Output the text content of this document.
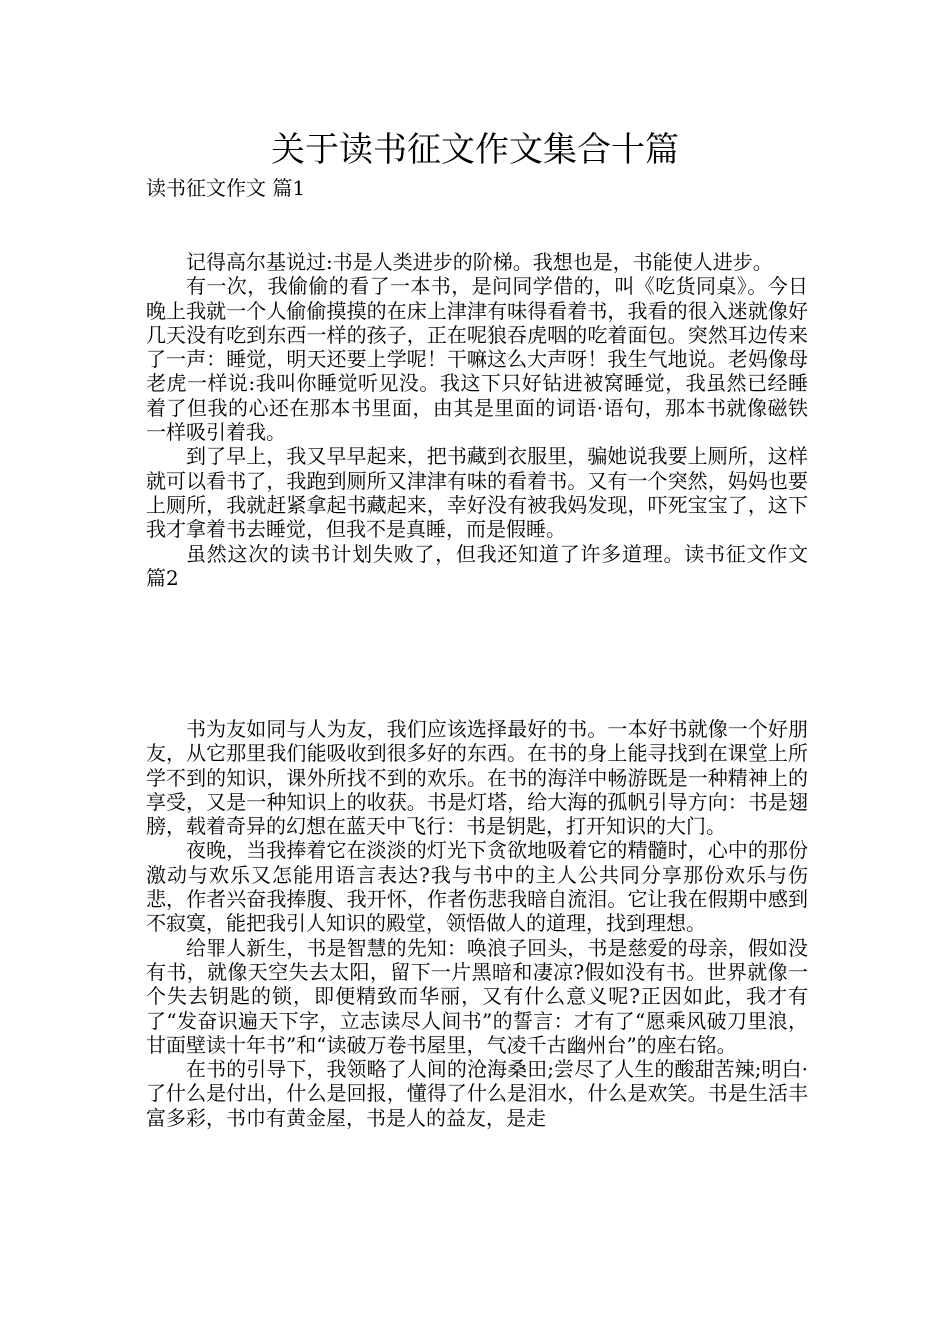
关于读书征文作文集合十篇

读书征文作文 篇1

记得高尔基说过:书是人类进步的阶梯。我想也是，书能使人进步。

有一次，我偷偷的看了一本书，是问同学借的，叫《吃货同桌》。今日晚上我就一个人偷偷摸摸的在床上津津有味得看着书，我看的很入迷就像好几天没有吃到东西一样的孩子，正在呢狼吞虎咽的吃着面包。突然耳边传来了一声：睡觉，明天还要上学呢！干嘛这么大声呀！我生气地说。老妈像母老虎一样说:我叫你睡觉听见没。我这下只好钻进被窝睡觉，我虽然已经睡着了但我的心还在那本书里面，由其是里面的词语·语句，那本书就像磁铁一样吸引着我。

到了早上，我又早早起来，把书藏到衣服里，骗她说我要上厕所，这样就可以看书了，我跑到厕所又津津有味的看着书。又有一个突然，妈妈也要上厕所，我就赶紧拿起书藏起来，幸好没有被我妈发现，吓死宝宝了，这下我才拿着书去睡觉，但我不是真睡，而是假睡。

虽然这次的读书计划失败了，但我还知道了许多道理。读书征文作文 篇2

书为友如同与人为友，我们应该选择最好的书。一本好书就像一个好朋友，从它那里我们能吸收到很多好的东西。在书的身上能寻找到在课堂上所学不到的知识，课外所找不到的欢乐。在书的海洋中畅游既是一种精神上的享受，又是一种知识上的收获。书是灯塔，给大海的孤帆引导方向：书是翅膀，载着奇异的幻想在蓝天中飞行：书是钥匙，打开知识的大门。

夜晚，当我捧着它在淡淡的灯光下贪欲地吸着它的精髓时，心中的那份激动与欢乐又怎能用语言表达?我与书中的主人公共同分享那份欢乐与伤悲，作者兴奋我捧腹、我开怀，作者伤悲我暗自流泪。它让我在假期中感到不寂寞，能把我引人知识的殿堂，领悟做人的道理，找到理想。

给罪人新生，书是智慧的先知：唤浪子回头，书是慈爱的母亲，假如没有书，就像天空失去太阳，留下一片黑暗和凄凉?假如没有书。世界就像一个失去钥匙的锁，即便精致而华丽，又有什么意义呢?正因如此，我才有了“发奋识遍天下字，立志读尽人间书”的誓言：才有了“愿乘风破刀里浪，甘面壁读十年书”和“读破万卷书屋里，气凌千古幽州台”的座右铭。

在书的引导下，我领略了人间的沧海桑田;尝尽了人生的酸甜苦辣;明白·了什么是付出，什么是回报，懂得了什么是泪水，什么是欢笑。书是生活丰富多彩，书巾有黄金屋，书是人的益友，是走
